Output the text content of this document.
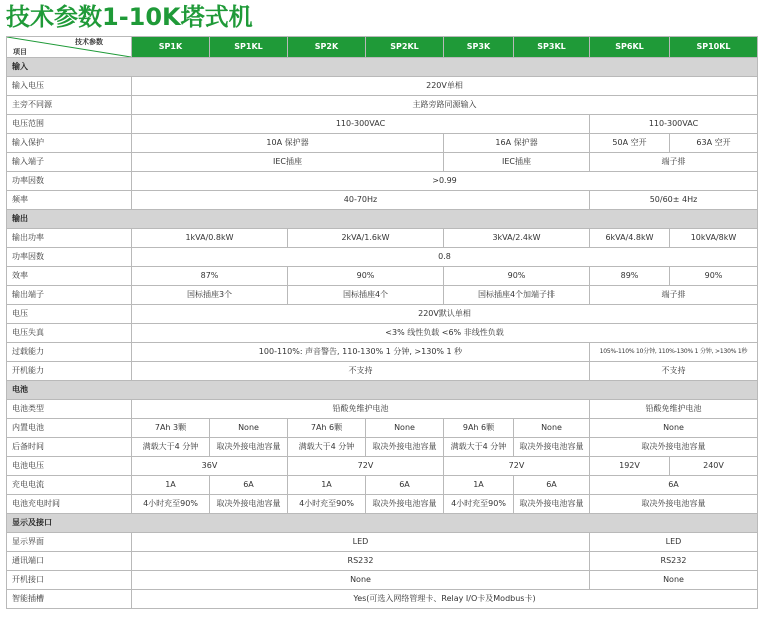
技术参数1-10K塔式机
技术参数
项目	SP1K	SP1KL	SP2K	SP2KL	SP3K	SP3KL	SP6KL	SP10KL
输入								
输入电压	220V单相							
主旁不同源	主路旁路同源输入							
电压范围	110-300VAC						110-300VAC	
输入保护	10A 保护器				16A 保护器		50A 空开	63A 空开
输入端子	IEC插座				IEC插座		端子排	
功率因数	>0.99							
频率	40-70Hz						50/60± 4Hz	
输出								
输出功率	1kVA/0.8kW		2kVA/1.6kW		3kVA/2.4kW		6kVA/4.8kW	10kVA/8kW
功率因数	0.8							
效率	87%		90%		90%		89%	90%
输出端子	国标插座3个		国标插座4个		国标插座4个加端子排		端子排	
电压	220V默认单相							
电压失真	<3% 线性负载 <6% 非线性负载							
过载能力	100-110%: 声音警告, 110-130% 1 分钟, >130% 1 秒						105%-110% 10分钟, 110%-130% 1 分钟, >130% 1秒	
开机能力	不支持						不支持	
电池								
电池类型	铅酸免维护电池						铅酸免维护电池	
内置电池	7Ah 3颗	None	7Ah 6颗	None	9Ah 6颗	None	None	
后备时间	满载大于4 分钟	取决外接电池容量	满载大于4 分钟	取决外接电池容量	满载大于4 分钟	取决外接电池容量	取决外接电池容量	
电池电压	36V		72V		72V		192V	240V
充电电流	1A	6A	1A	6A	1A	6A	6A	
电池充电时间	4小时充至90%	取决外接电池容量	4小时充至90%	取决外接电池容量	4小时充至90%	取决外接电池容量	取决外接电池容量	
显示及接口								
显示界面	LED						LED	
通讯端口	RS232						RS232	
开机接口	None						None	
智能插槽	Yes(可选入网络管理卡、Relay I/O卡及Modbus卡)							
